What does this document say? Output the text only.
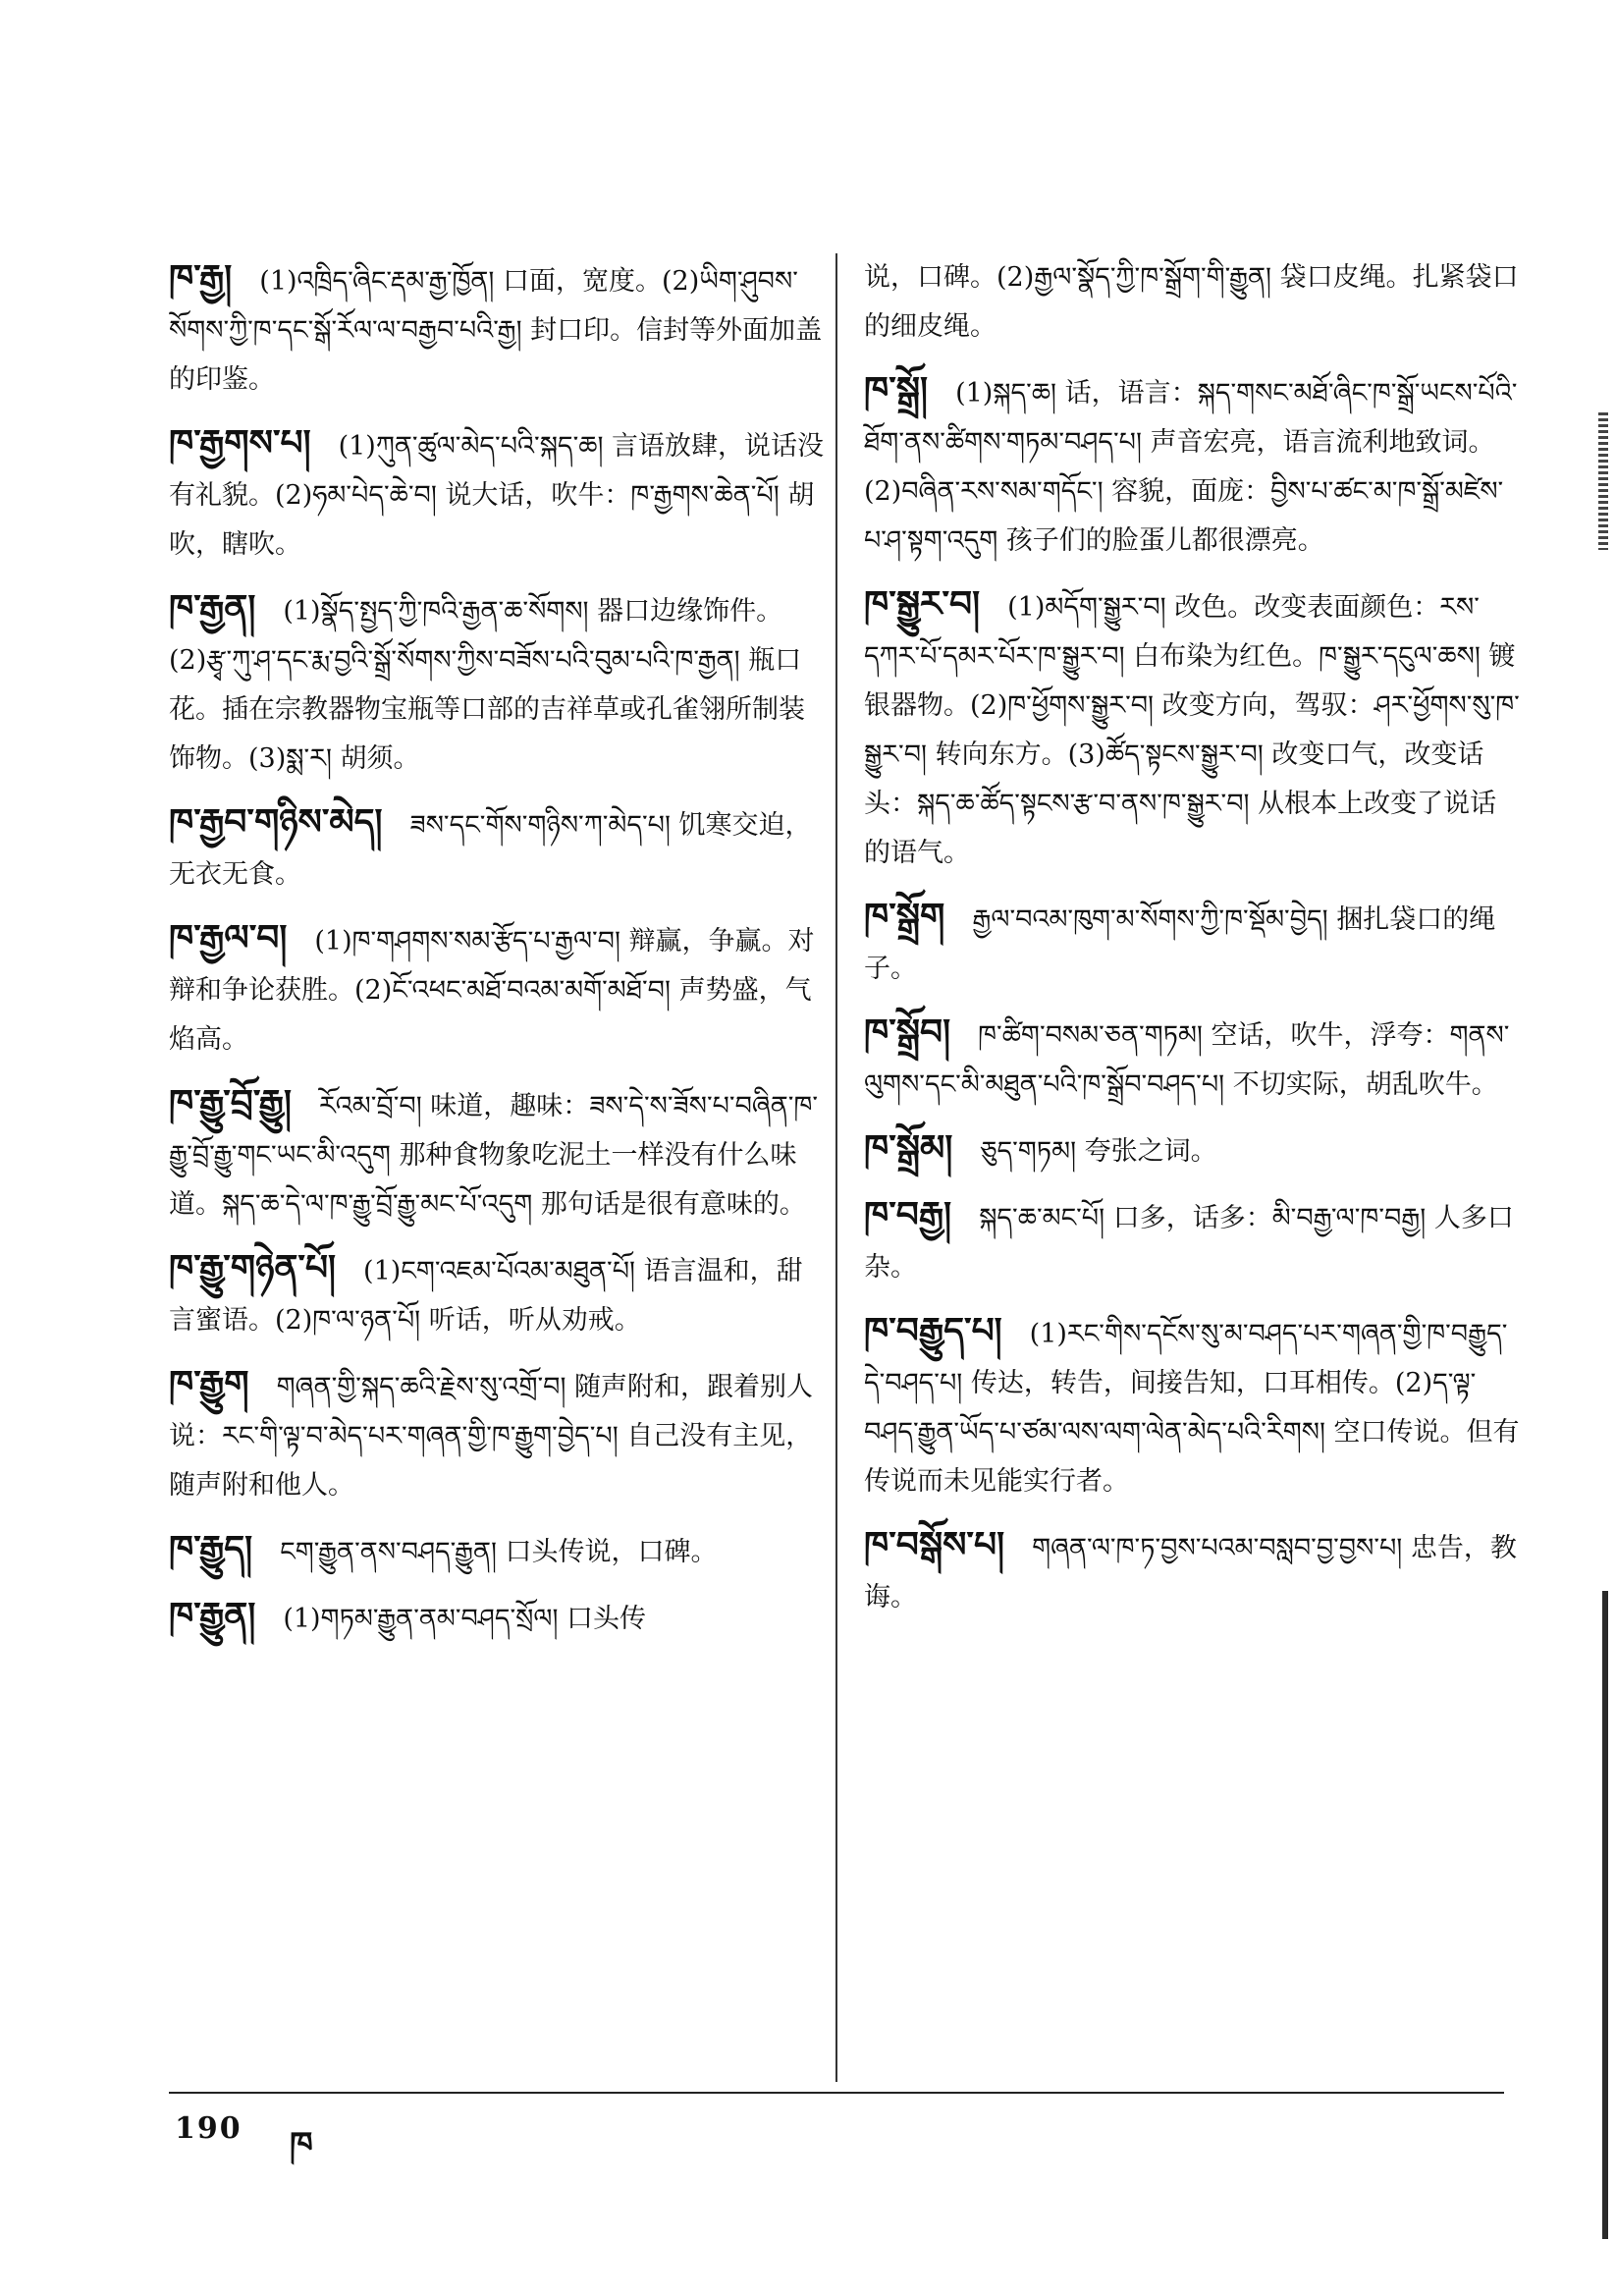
ཁ་རྒྱ། (1)འཁྲིད་ཞིང་རྡམ་རྒྱ་ཁྱོན། 口面，宽度。(2)ཡིག་ཤུབས་སོགས་ཀྱི་ཁ་དང་སྒོ་རོལ་ལ་བརྒྱབ་པའི་རྒྱ། 封口印。信封等外面加盖的印鉴。
ཁ་རྒྱགས་པ། (1)ཀུན་ཚུལ་མེད་པའི་སྐད་ཆ། 言语放肆，说话没有礼貌。(2)ཧམ་པེད་ཆེ་བ། 说大话，吹牛：ཁ་རྒྱགས་ཆེན་པོ། 胡吹，瞎吹。
ཁ་རྒྱན། (1)སྣོད་སྤྱད་ཀྱི་ཁའི་རྒྱན་ཆ་སོགས། 器口边缘饰件。(2)རྩྭ་ཀུ་ཤ་དང་རྨ་བྱའི་སྒྲོ་སོགས་ཀྱིས་བཟོས་པའི་བུམ་པའི་ཁ་རྒྱན། 瓶口花。插在宗教器物宝瓶等口部的吉祥草或孔雀翎所制装饰物。(3)སྨ་ར། 胡须。
ཁ་རྒྱབ་གཉིས་མེད། ཟས་དང་གོས་གཉིས་ཀ་མེད་པ། 饥寒交迫，无衣无食。
ཁ་རྒྱལ་བ། (1)ཁ་གཤགས་སམ་རྩོད་པ་རྒྱལ་བ། 辩赢，争赢。对辩和争论获胜。(2)ངོ་འཕང་མཐོ་བའམ་མགོ་མཐོ་བ། 声势盛，气焰高。
ཁ་རྒྱུ་བྲོ་རྒྱུ། རོའམ་བྲོ་བ། 味道，趣味：ཟས་དེ་ས་ཟོས་པ་བཞིན་ཁ་རྒྱུ་བྲོ་རྒྱུ་གང་ཡང་མི་འདུག 那种食物象吃泥土一样没有什么味道。སྐད་ཆ་དེ་ལ་ཁ་རྒྱུ་བྲོ་རྒྱུ་མང་པོ་འདུག 那句话是很有意味的。
ཁ་རྒྱུ་གཉེན་པོ། (1)ངག་འཇམ་པོའམ་མཐུན་པོ། 语言温和，甜言蜜语。(2)ཁ་ལ་ཉན་པོ། 听话，听从劝戒。
ཁ་རྒྱུག གཞན་གྱི་སྐད་ཆའི་རྗེས་སུ་འགྲོ་བ། 随声附和，跟着别人说：རང་གི་ལྟ་བ་མེད་པར་གཞན་གྱི་ཁ་རྒྱུག་བྱེད་པ། 自己没有主见，随声附和他人。
ཁ་རྒྱུད། ངག་རྒྱུན་ནས་བཤད་རྒྱུན། 口头传说，口碑。
ཁ་རྒྱུན། (1)གཏམ་རྒྱུན་ནམ་བཤད་སྲོལ། 口头传
说，口碑。(2)རྒྱལ་སྣོད་ཀྱི་ཁ་སྒྲོག་གི་རྒྱུན། 袋口皮绳。扎紧袋口的细皮绳。
ཁ་སྒྲོ། (1)སྐད་ཆ། 话，语言：སྐད་གསང་མཐོ་ཞིང་ཁ་སྒྲོ་ཡངས་པོའི་ཐོག་ནས་ཚིགས་གཏམ་བཤད་པ། 声音宏亮，语言流利地致词。(2)བཞིན་རས་སམ་གདོང་། 容貌，面庞：བྱིས་པ་ཚང་མ་ཁ་སྒྲོ་མཛེས་པ་ཤ་སྟག་འདུག 孩子们的脸蛋儿都很漂亮。
ཁ་སྒྱུར་བ། (1)མདོག་སྒྱུར་བ། 改色。改变表面颜色：རས་དཀར་པོ་དམར་པོར་ཁ་སྒྱུར་བ། 白布染为红色。ཁ་སྒྱུར་དངུལ་ཆས། 镀银器物。(2)ཁ་ཕྱོགས་སྒྱུར་བ། 改变方向，驾驭：ཤར་ཕྱོགས་སུ་ཁ་སྒྱུར་བ། 转向东方。(3)ཚོད་སྟངས་སྒྱུར་བ། 改变口气，改变话头：སྐད་ཆ་ཚོད་སྟངས་རྩ་བ་ནས་ཁ་སྒྱུར་བ། 从根本上改变了说话的语气。
ཁ་སྒྲོག རྒྱལ་བའམ་ཁུག་མ་སོགས་ཀྱི་ཁ་སྡོམ་བྱེད། 捆扎袋口的绳子。
ཁ་སྒྲོབ། ཁ་ཚིག་བསམ་ཅན་གཏམ། 空话，吹牛，浮夸：གནས་ལུགས་དང་མི་མཐུན་པའི་ཁ་སྒྲོབ་བཤད་པ། 不切实际，胡乱吹牛。
ཁ་སྒྲོམ། ཅུད་གཏམ། 夸张之词。
ཁ་བརྒྱ། སྐད་ཆ་མང་པོ། 口多，话多：མི་བརྒྱ་ལ་ཁ་བརྒྱ། 人多口杂。
ཁ་བརྒྱུད་པ། (1)རང་གིས་དངོས་སུ་མ་བཤད་པར་གཞན་གྱི་ཁ་བརྒྱུད་དེ་བཤད་པ། 传达，转告，间接告知，口耳相传。(2)ད་ལྟ་བཤད་རྒྱུན་ཡོད་པ་ཙམ་ལས་ལག་ལེན་མེད་པའི་རིགས། 空口传说。但有传说而未见能实行者。
ཁ་བསྒོས་པ། གཞན་ལ་ཁ་ཏ་བྱས་པའམ་བསླབ་བྱ་བྱས་པ། 忠告，教诲。
190 ཁ
